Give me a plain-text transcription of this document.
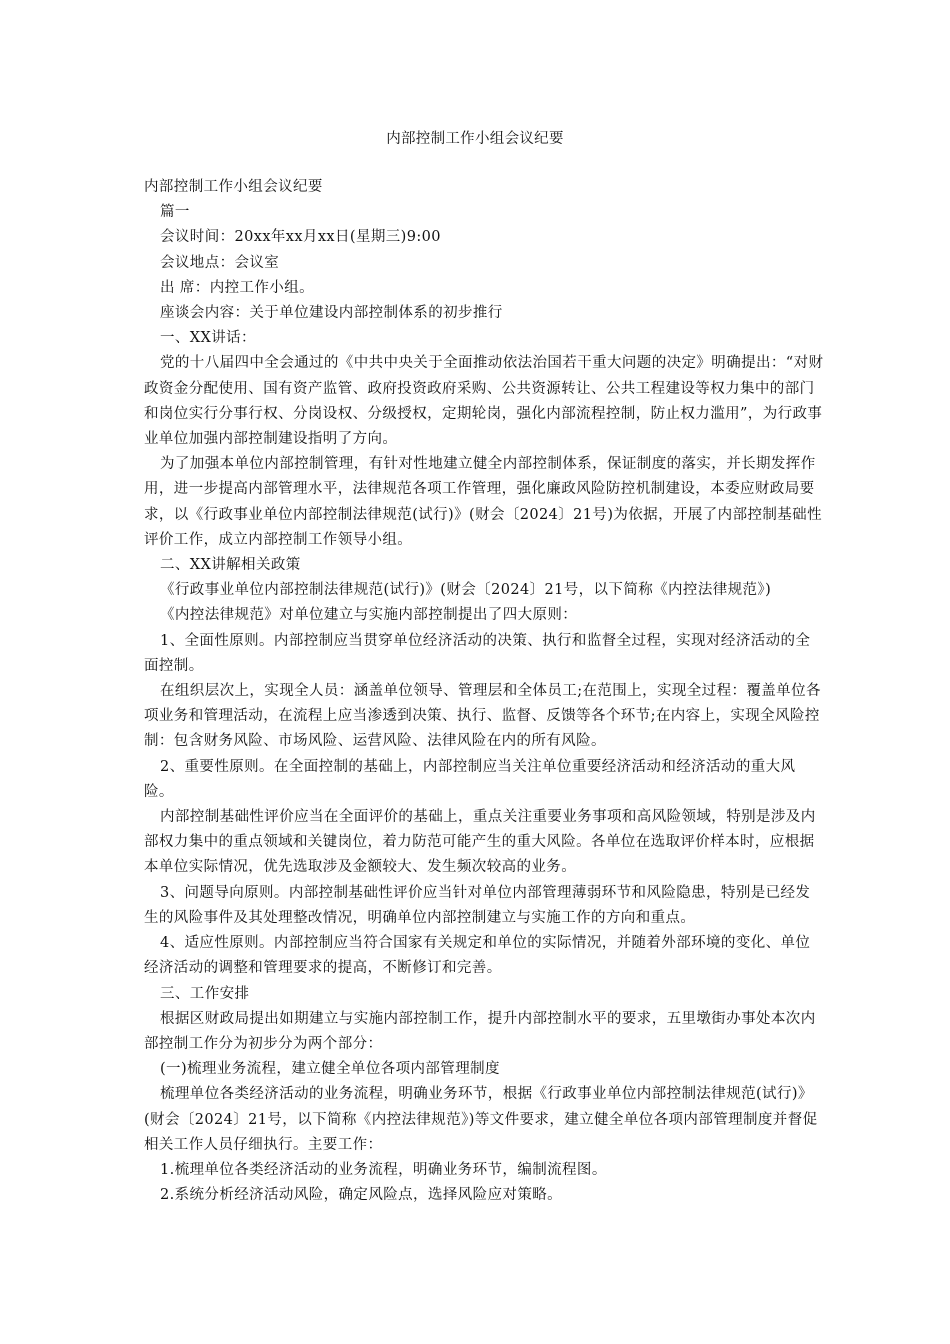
内部控制工作小组会议纪要

内部控制工作小组会议纪要

篇一

会议时间：20xx年xx月xx日(星期三)9:00

会议地点：会议室

出 席：内控工作小组。

座谈会内容：关于单位建设内部控制体系的初步推行

一、XX讲话：

党的十八届四中全会通过的《中共中央关于全面推动依法治国若干重大问题的决定》明确提出：“对财政资金分配使用、国有资产监管、政府投资政府采购、公共资源转让、公共工程建设等权力集中的部门和岗位实行分事行权、分岗设权、分级授权，定期轮岗，强化内部流程控制，防止权力滥用”，为行政事业单位加强内部控制建设指明了方向。

为了加强本单位内部控制管理，有针对性地建立健全内部控制体系，保证制度的落实，并长期发挥作用，进一步提高内部管理水平，法律规范各项工作管理，强化廉政风险防控机制建设，本委应财政局要求，以《行政事业单位内部控制法律规范(试行)》(财会〔2024〕21号)为依据，开展了内部控制基础性评价工作，成立内部控制工作领导小组。

二、XX讲解相关政策

《行政事业单位内部控制法律规范(试行)》(财会〔2024〕21号，以下简称《内控法律规范》)

《内控法律规范》对单位建立与实施内部控制提出了四大原则：

1、全面性原则。内部控制应当贯穿单位经济活动的决策、执行和监督全过程，实现对经济活动的全面控制。

在组织层次上，实现全人员：涵盖单位领导、管理层和全体员工;在范围上，实现全过程：覆盖单位各项业务和管理活动，在流程上应当渗透到决策、执行、监督、反馈等各个环节;在内容上，实现全风险控制：包含财务风险、市场风险、运营风险、法律风险在内的所有风险。

2、重要性原则。在全面控制的基础上，内部控制应当关注单位重要经济活动和经济活动的重大风险。

内部控制基础性评价应当在全面评价的基础上，重点关注重要业务事项和高风险领域，特别是涉及内部权力集中的重点领域和关键岗位，着力防范可能产生的重大风险。各单位在选取评价样本时，应根据本单位实际情况，优先选取涉及金额较大、发生频次较高的业务。

3、问题导向原则。内部控制基础性评价应当针对单位内部管理薄弱环节和风险隐患，特别是已经发生的风险事件及其处理整改情况，明确单位内部控制建立与实施工作的方向和重点。

4、适应性原则。内部控制应当符合国家有关规定和单位的实际情况，并随着外部环境的变化、单位经济活动的调整和管理要求的提高，不断修订和完善。

三、工作安排

根据区财政局提出如期建立与实施内部控制工作，提升内部控制水平的要求，五里墩街办事处本次内部控制工作分为初步分为两个部分：

(一)梳理业务流程，建立健全单位各项内部管理制度

梳理单位各类经济活动的业务流程，明确业务环节，根据《行政事业单位内部控制法律规范(试行)》(财会〔2024〕21号，以下简称《内控法律规范》)等文件要求，建立健全单位各项内部管理制度并督促相关工作人员仔细执行。主要工作：

1.梳理单位各类经济活动的业务流程，明确业务环节，编制流程图。

2.系统分析经济活动风险，确定风险点，选择风险应对策略。
